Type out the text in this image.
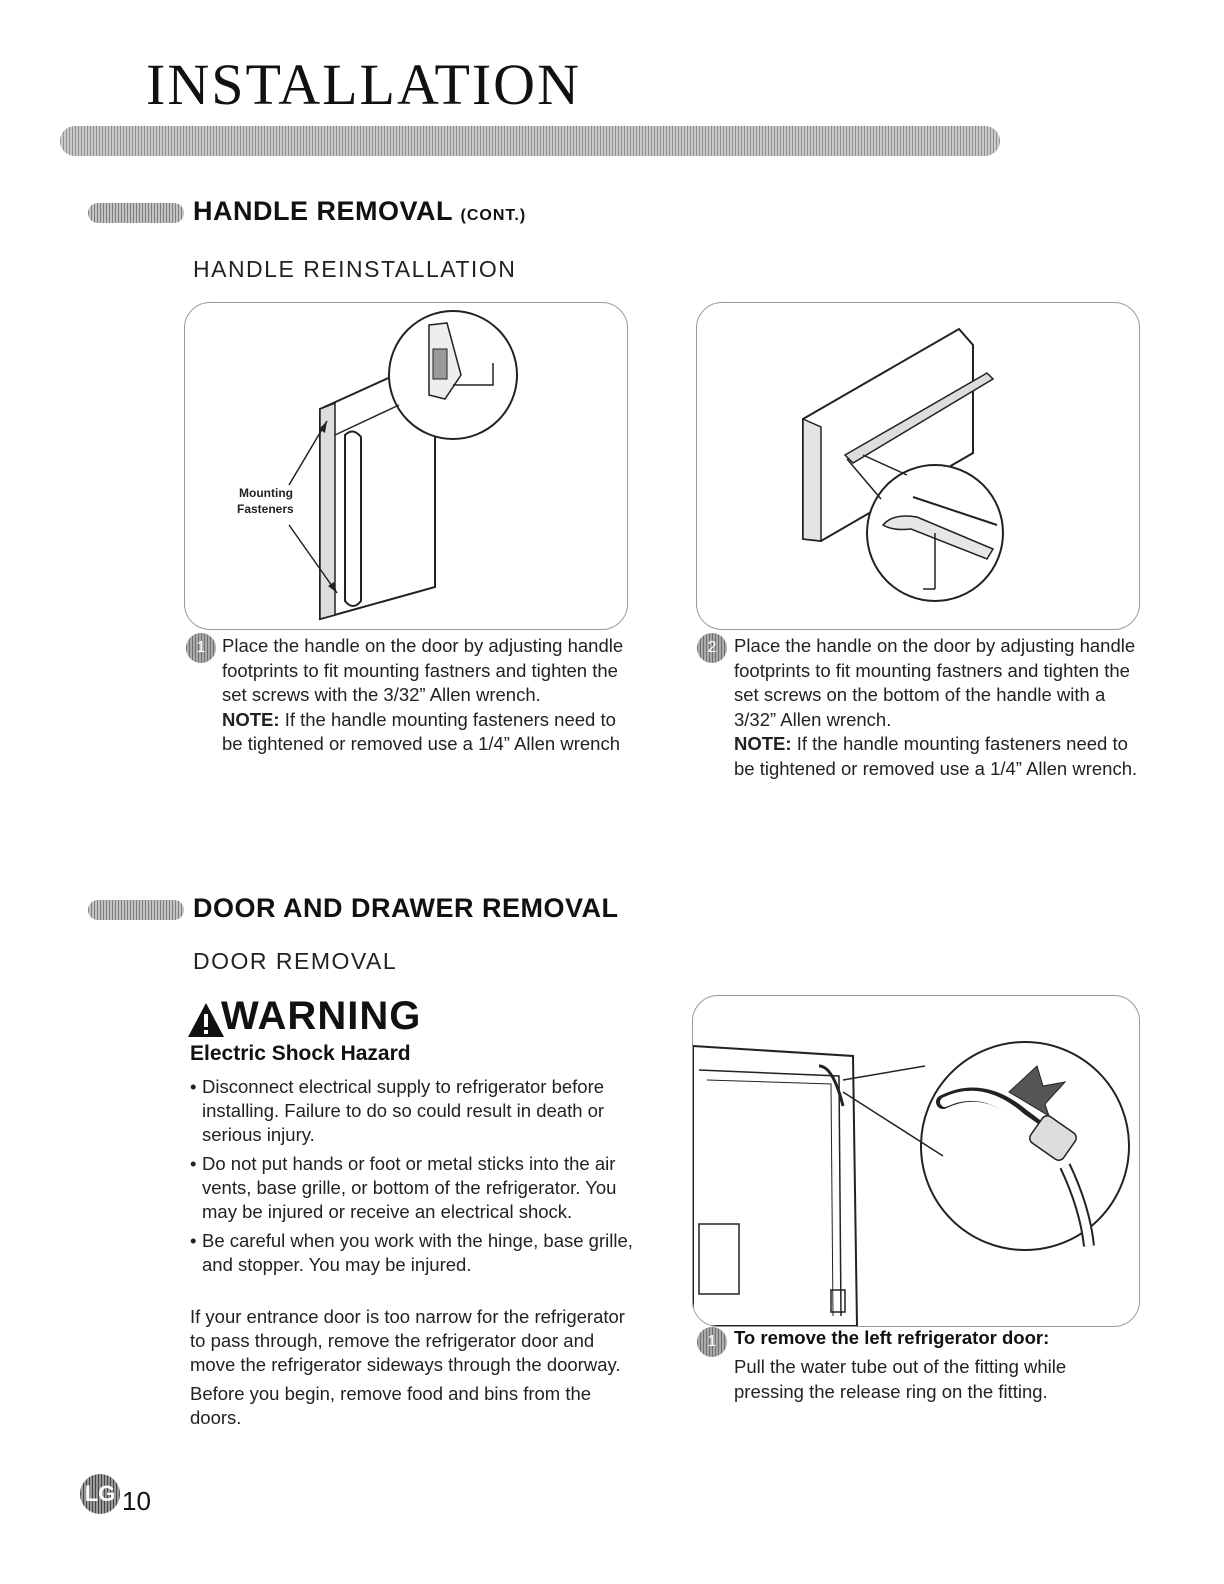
INSTALLATION
HANDLE REMOVAL (CONT.)
HANDLE REINSTALLATION
Mounting
Fasteners
1 Place the handle on the door by adjusting handle footprints to fit mounting fastners and tighten the set screws with the 3/32” Allen wrench.

NOTE: If the handle mounting fasteners need to be tightened or removed use a 1/4” Allen wrench

2 Place the handle on the door by adjusting handle footprints to fit mounting fastners and tighten the set screws on the bottom of the handle with a 3/32” Allen wrench.

NOTE: If the handle mounting fasteners need to be tightened or removed use a 1/4” Allen wrench.

DOOR AND DRAWER REMOVAL
DOOR REMOVAL
WARNING
Electric Shock Hazard
• Disconnect electrical supply to refrigerator before installing. Failure to do so could result in death or serious injury.
• Do not put hands or foot or metal sticks into the air vents, base grille, or bottom of the refrigerator. You may be injured or receive an electrical shock.
• Be careful when you work with the hinge, base grille, and stopper. You may be injured.

If your entrance door is too narrow for the refrigerator to pass through, remove the refrigerator door and move the refrigerator sideways through the doorway.

Before you begin, remove food and bins from the doors.

1 To remove the left refrigerator door:
Pull the water tube out of the fitting while pressing the release ring on the fitting.
LG 10
